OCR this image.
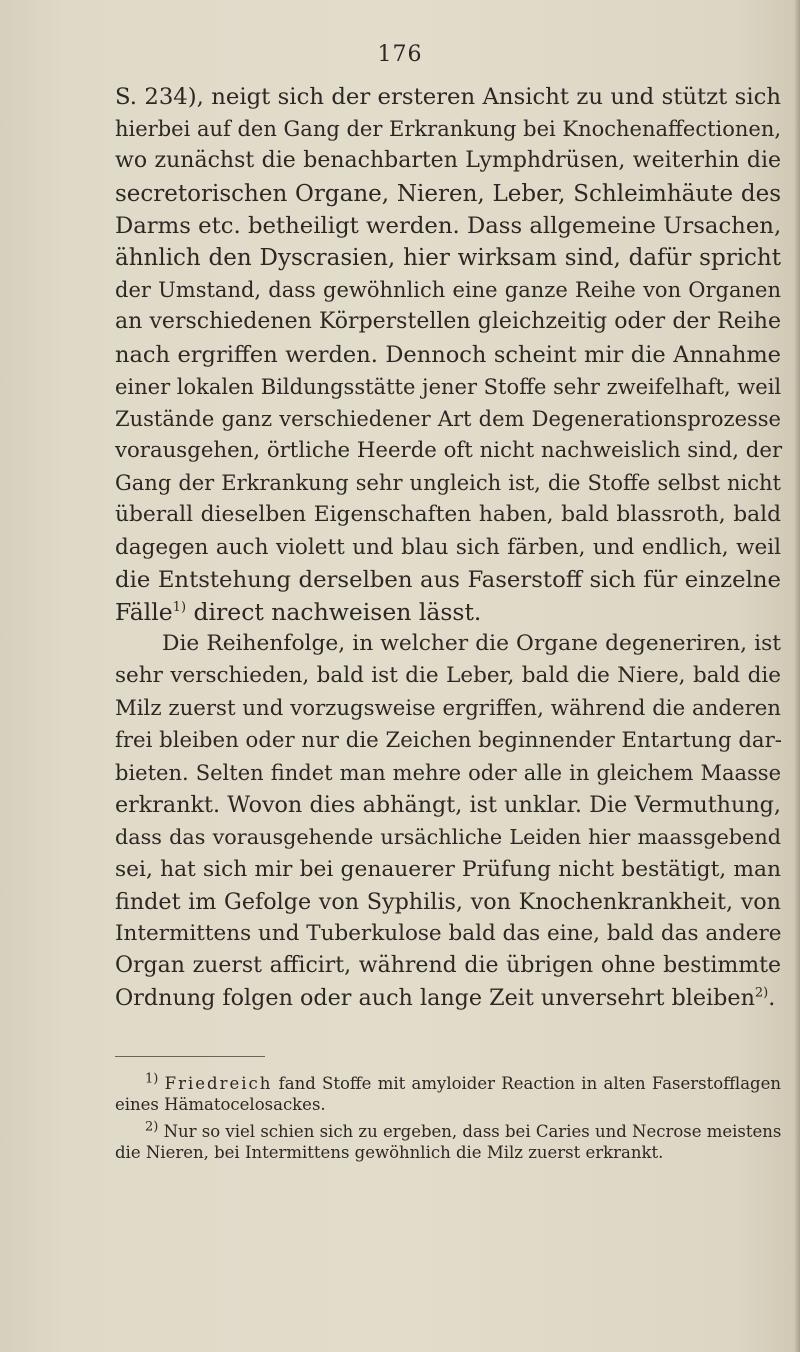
176
S. 234), neigt sich der ersteren Ansicht zu und stützt sich
hierbei auf den Gang der Erkrankung bei Knochenaffectionen,
wo zunächst die benachbarten Lymphdrüsen, weiterhin die
secretorischen Organe, Nieren, Leber, Schleimhäute des
Darms etc. betheiligt werden. Dass allgemeine Ursachen,
ähnlich den Dyscrasien, hier wirksam sind, dafür spricht
der Umstand, dass gewöhnlich eine ganze Reihe von Organen
an verschiedenen Körperstellen gleichzeitig oder der Reihe
nach ergriffen werden. Dennoch scheint mir die Annahme
einer lokalen Bildungsstätte jener Stoffe sehr zweifelhaft, weil
Zustände ganz verschiedener Art dem Degenerationsprozesse
vorausgehen, örtliche Heerde oft nicht nachweislich sind, der
Gang der Erkrankung sehr ungleich ist, die Stoffe selbst nicht
überall dieselben Eigenschaften haben, bald blassroth, bald
dagegen auch violett und blau sich färben, und endlich, weil
die Entstehung derselben aus Faserstoff sich für einzelne
Fälle$^{1)}$ direct nachweisen lässt.
Die Reihenfolge, in welcher die Organe degeneriren, ist
sehr verschieden, bald ist die Leber, bald die Niere, bald die
Milz zuerst und vorzugsweise ergriffen, während die anderen
frei bleiben oder nur die Zeichen beginnender Entartung dar-
bieten. Selten findet man mehre oder alle in gleichem Maasse
erkrankt. Wovon dies abhängt, ist unklar. Die Vermuthung,
dass das vorausgehende ursächliche Leiden hier maassgebend
sei, hat sich mir bei genauerer Prüfung nicht bestätigt, man
findet im Gefolge von Syphilis, von Knochenkrankheit, von
Intermittens und Tuberkulose bald das eine, bald das andere
Organ zuerst afficirt, während die übrigen ohne bestimmte
Ordnung folgen oder auch lange Zeit unversehrt bleiben$^{2)}$.
$^{1)}$ Friedreich fand Stoffe mit amyloider Reaction in alten Faserstofflagen
eines Hämatocelosackes.
$^{2)}$ Nur so viel schien sich zu ergeben, dass bei Caries und Necrose meistens
die Nieren, bei Intermittens gewöhnlich die Milz zuerst erkrankt.
